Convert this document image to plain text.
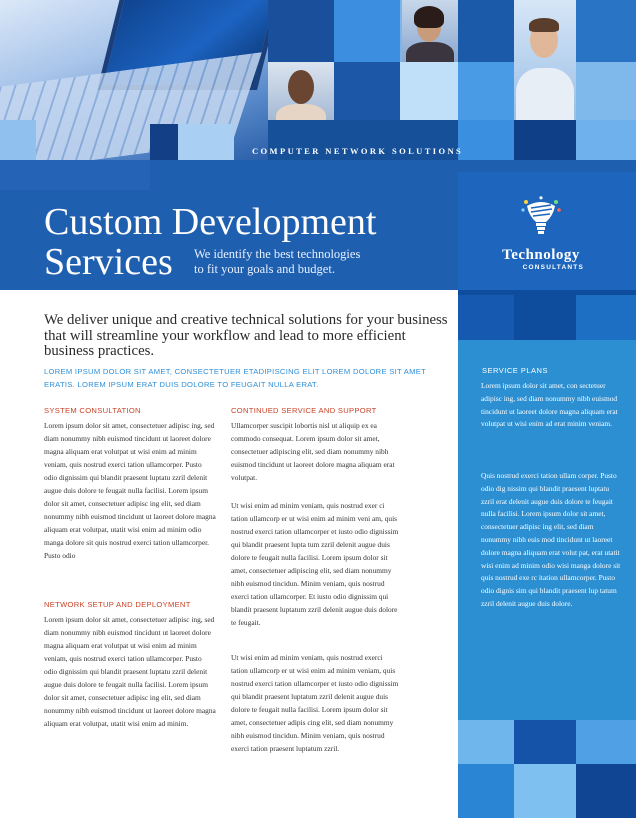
COMPUTER NETWORK SOLUTIONS
Custom Development
Services	We identify the best technologies
to fit your goals and budget.
Technology
CONSULTANTS
SERVICE PLANS

Lorem ipsum dolor sit amet, con sectetuer adipisc ing, sed diam nonummy nibh euismod tincidunt ut laoreet dolore magna aliquam erat volutpat ut wisi enim ad erat minim veniam.

Quis nostrud exerci tation ullam corper. Pusto odio dig nissim qui blandit praesent luptatu zzril erat delenit augue duis dolore te feugait nulla facilisi. Lorem ipsum dolor sit amet, consectetuer adipisc ing elit, sed diam nonummy nibh euis mod tincidunt ut laoreet dolore magna aliquam erat volut pat, erat utatit wisi enim ad minim odio wisi manga dolore sit quis nostrud exe rc itation ullamcorper. Pusto odio dignis sim qui blandit praesent lup tatum zzril delenit augue duis dolore.

We deliver unique and creative technical solutions for your business that will streamline your workflow and lead to more efficient business practices.

LOREM IPSUM DOLOR SIT AMET, CONSECTETUER ETADIPISCING ELIT LOREM DOLORE SIT AMET ERATIS. LOREM IPSUM ERAT DUIS DOLORE TO FEUGAIT NULLA ERAT.

SYSTEM CONSULTATION

Lorem ipsum dolor sit amet, consectetuer adipisc ing, sed diam nonummy nibh euismod tincidunt ut laoreet dolore magna aliquam erat volutpat ut wisi enim ad minim veniam, quis nostrud exerci tation ullamcorper. Pusto odio dignissim qui blandit praesent luptatu zzril delenit augue duis dolore te feugait nulla facilisi. Lorem ipsum dolor sit amet, consectetuer adipisc ing elit, sed diam nonummy nibh euismod tincidunt ut laoreet dolore magna aliquam erat volutpat, utatit wisi enim ad minim odio manga dolore sit quis nostrud exerci tation ullamcorper. Pusto odio

NETWORK SETUP AND DEPLOYMENT

Lorem ipsum dolor sit amet, consectetuer adipisc ing, sed diam nonummy nibh euismod tincidunt ut laoreet dolore magna aliquam erat volutpat ut wisi enim ad minim veniam, quis nostrud exerci tation ullamcorper. Pusto odio dignissim qui blandit praesent luptatu zzril delenit augue duis dolore te feugait nulla facilisi. Lorem ipsum dolor sit amet, consectetuer adipisc ing elit, sed diam nonummy nibh euismod tincidunt ut laoreet dolore magna aliquam erat volutpat, utatit wisi enim ad minim.

CONTINUED SERVICE AND SUPPORT

Ullamcorper suscipit lobortis nisl ut aliquip ex ea commodo consequat. Lorem ipsum dolor sit amet, consectetuer adipiscing elit, sed diam nonummy nibh euismod tincidunt ut laoreet dolore magna aliquam erat volutpat.

Ut wisi enim ad minim veniam, quis nostrud exer ci tation ullamcorp er ut wisi enim ad minim veni am, quis nostrud exerci tation ullamcorper et iusto odio dignissim qui blandit praesent lupta tum zzril delenit augue duis dolore te feugait nulla facilisi. Lorem ipsum dolor sit amet, consectetuer adipiscing elit, sed diam nonummy nibh euismod tincidun. Minim veniam, quis nostrud exerci tation ullamcorper. Et iusto odio dignissim qui blandit praesent luptatum zzril delenit augue duis dolore te feugait.

Ut wisi enim ad minim veniam, quis nostrud exerci tation ullamcorp er ut wisi enim ad minim veniam, quis nostrud exerci tation ullamcorper et iusto odio dignissim qui blandit praesent luptatum zzril delenit augue duis dolore te feugait nulla facilisi. Lorem ipsum dolor sit amet, consectetuer adipis cing elit, sed diam nonummy nibh euismod tincidun. Minim veniam, quis nostrud exerci tation praesent luptatum zzril.
